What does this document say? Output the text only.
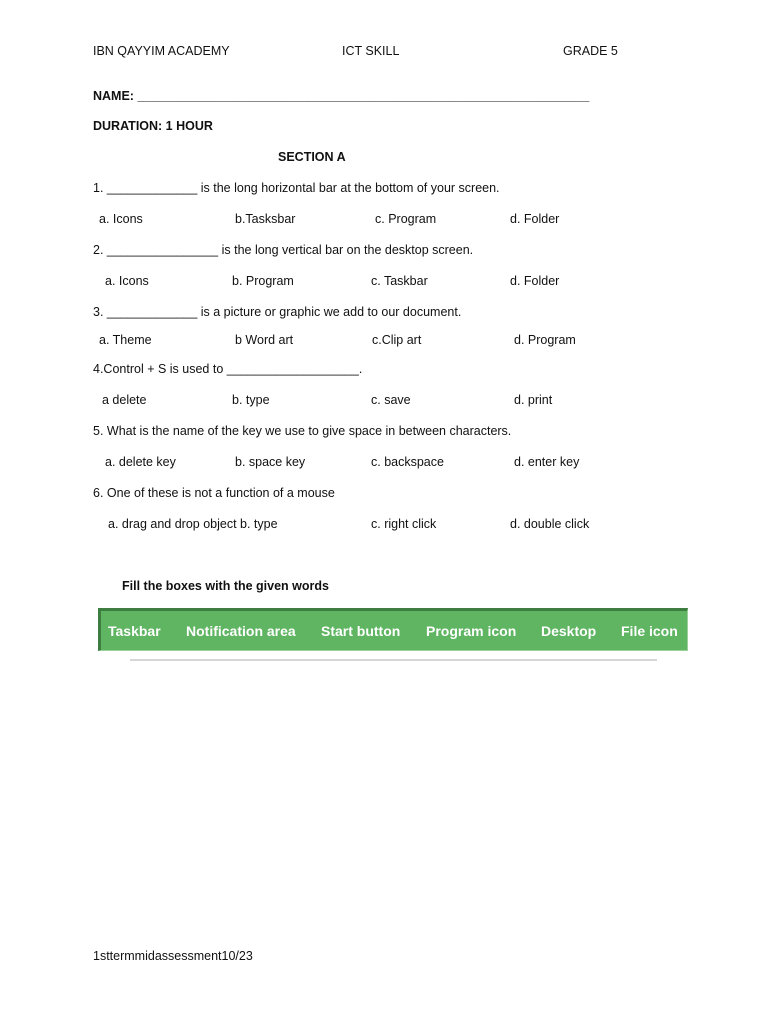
IBN QAYYIM ACADEMY	ICT SKILL	GRADE 5
NAME: _________________________________________________________________
DURATION: 1 HOUR
SECTION A
1. _____________ is the long horizontal bar at the bottom of your screen.
a. Icons	b.Tasksbar	c. Program	d. Folder
2. ________________ is the long vertical bar on the desktop screen.
a. Icons	b. Program	c. Taskbar	d. Folder
3. _____________ is a picture or graphic we add to our document.
a. Theme	b Word art	c.Clip art	d. Program
4.Control + S is used to ___________________.
a delete	b. type	c. save	d. print
5. What is the name of the key we use to give space in between characters.
a. delete key	b. space key	c. backspace	d. enter key
6. One of these is not a function of a mouse
a. drag and drop object b. type	c. right click	d. double click
Fill the boxes with the given words
Taskbar Notification area Start button Program icon Desktop File icon
1sttermmidassessment10/23
